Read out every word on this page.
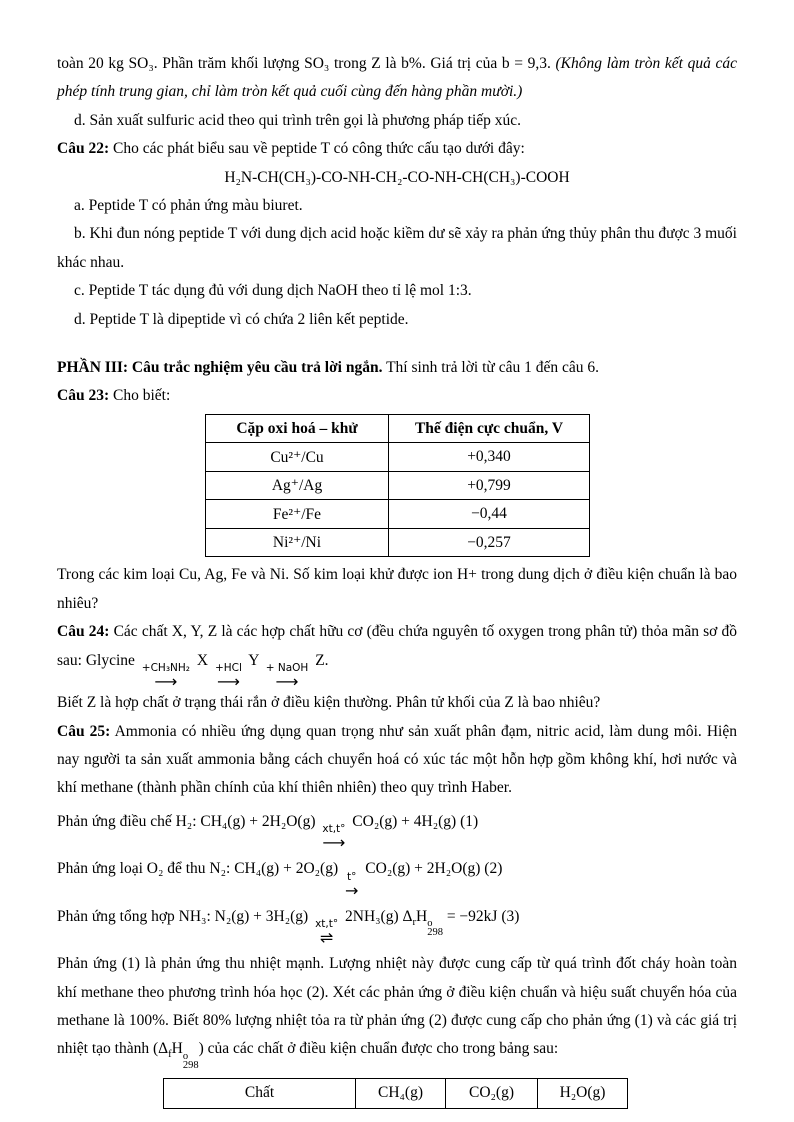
toàn 20 kg SO₃. Phần trăm khối lượng SO₃ trong Z là b%. Giá trị của b = 9,3. (Không làm tròn kết quả các phép tính trung gian, chỉ làm tròn kết quả cuối cùng đến hàng phần mười.)

d. Sản xuất sulfuric acid theo qui trình trên gọi là phương pháp tiếp xúc.

Câu 22: Cho các phát biểu sau về peptide T có công thức cấu tạo dưới đây:

H₂N-CH(CH₃)-CO-NH-CH₂-CO-NH-CH(CH₃)-COOH

a. Peptide T có phản ứng màu biuret.

b. Khi đun nóng peptide T với dung dịch acid hoặc kiềm dư sẽ xảy ra phản ứng thủy phân thu được 3 muối khác nhau.

c. Peptide T tác dụng đủ với dung dịch NaOH theo tỉ lệ mol 1:3.

d. Peptide T là dipeptide vì có chứa 2 liên kết peptide.

PHẦN III: Câu trắc nghiệm yêu cầu trả lời ngắn. Thí sinh trả lời từ câu 1 đến câu 6.

Câu 23: Cho biết:

Cặp oxi hoá – khử	Thế điện cực chuẩn, V
Cu²⁺/Cu	+0,340
Ag⁺/Ag	+0,799
Fe²⁺/Fe	−0,44
Ni²⁺/Ni	−0,257

Trong các kim loại Cu, Ag, Fe và Ni. Số kim loại khử được ion H+ trong dung dịch ở điều kiện chuẩn là bao nhiêu?

Câu 24: Các chất X, Y, Z là các hợp chất hữu cơ (đều chứa nguyên tố oxygen trong phân tử) thỏa mãn sơ đồ sau: Glycine +CH₃NH₂
⟶
X +HCl
⟶
Y + NaOH
⟶
Z.

Biết Z là hợp chất ở trạng thái rắn ở điều kiện thường. Phân tử khối của Z là bao nhiêu?

Câu 25: Ammonia có nhiều ứng dụng quan trọng như sản xuất phân đạm, nitric acid, làm dung môi. Hiện nay người ta sản xuất ammonia bằng cách chuyển hoá có xúc tác một hỗn hợp gồm không khí, hơi nước và khí methane (thành phần chính của khí thiên nhiên) theo quy trình Haber.

Phản ứng điều chế H₂: CH₄(g) + 2H₂O(g) xt,t°
⟶
CO₂(g) + 4H₂(g) (1)

Phản ứng loại O₂ để thu N₂: CH₄(g) + 2O₂(g) t°
→
CO₂(g) + 2H₂O(g) (2)

Phản ứng tổng hợp NH₃: N₂(g) + 3H₂(g) xt,t°
⇌
2NH₃(g) $\Delta_rH$ o
298
= −92kJ (3)

Phản ứng (1) là phản ứng thu nhiệt mạnh. Lượng nhiệt này được cung cấp từ quá trình đốt cháy hoàn toàn khí methane theo phương trình hóa học (2). Xét các phản ứng ở điều kiện chuẩn và hiệu suất chuyển hóa của methane là 100%. Biết 80% lượng nhiệt tỏa ra từ phản ứng (2) được cung cấp cho phản ứng (1) và các giá trị nhiệt tạo thành ($\Delta_fH$ o
298
) của các chất ở điều kiện chuẩn được cho trong bảng sau:

Chất	CH₄(g)	CO₂(g)	H₂O(g)
